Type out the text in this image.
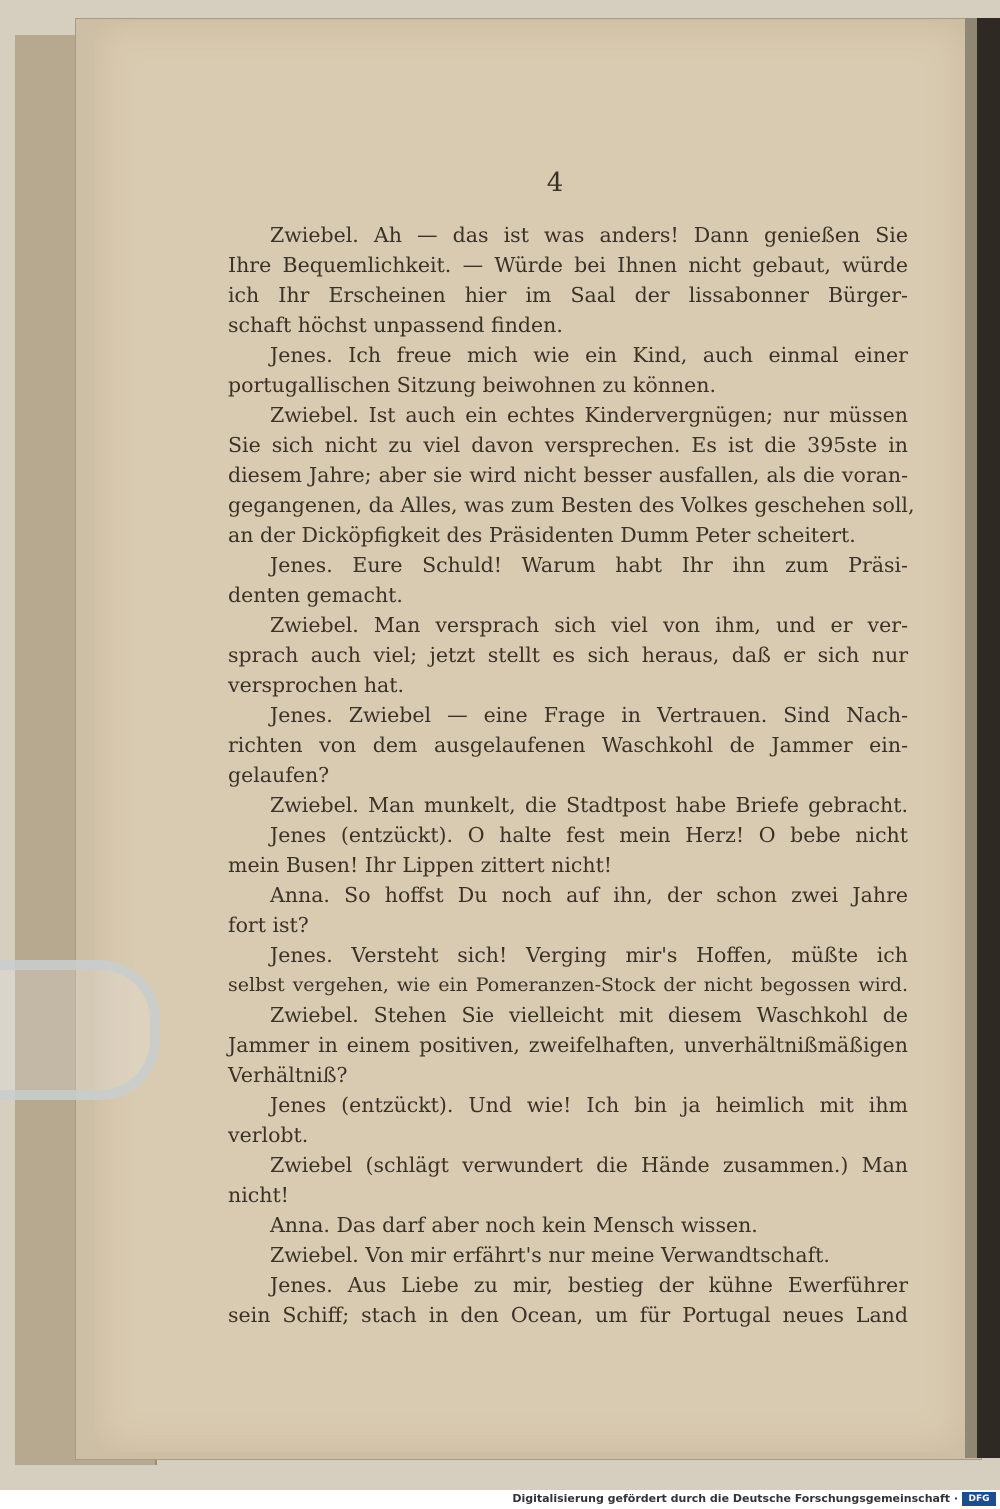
4
Zwiebel. Ah — das ist was anders! Dann genießen Sie
Ihre Bequemlichkeit. — Würde bei Ihnen nicht gebaut, würde
ich Ihr Erscheinen hier im Saal der lissabonner Bürger-
schaft höchst unpassend finden.
Jenes. Ich freue mich wie ein Kind, auch einmal einer
portugallischen Sitzung beiwohnen zu können.
Zwiebel. Ist auch ein echtes Kindervergnügen; nur müssen
Sie sich nicht zu viel davon versprechen. Es ist die 395ste in
diesem Jahre; aber sie wird nicht besser ausfallen, als die voran-
gegangenen, da Alles, was zum Besten des Volkes geschehen soll,
an der Dicköpfigkeit des Präsidenten Dumm Peter scheitert.
Jenes. Eure Schuld! Warum habt Ihr ihn zum Präsi-
denten gemacht.
Zwiebel. Man versprach sich viel von ihm, und er ver-
sprach auch viel; jetzt stellt es sich heraus, daß er sich nur
versprochen hat.
Jenes. Zwiebel — eine Frage in Vertrauen. Sind Nach-
richten von dem ausgelaufenen Waschkohl de Jammer ein-
gelaufen?
Zwiebel. Man munkelt, die Stadtpost habe Briefe gebracht.
Jenes (entzückt). O halte fest mein Herz! O bebe nicht
mein Busen! Ihr Lippen zittert nicht!
Anna. So hoffst Du noch auf ihn, der schon zwei Jahre
fort ist?
Jenes. Versteht sich! Verging mir's Hoffen, müßte ich
selbst vergehen, wie ein Pomeranzen-Stock der nicht begossen wird.
Zwiebel. Stehen Sie vielleicht mit diesem Waschkohl de
Jammer in einem positiven, zweifelhaften, unverhältnißmäßigen
Verhältniß?
Jenes (entzückt). Und wie! Ich bin ja heimlich mit ihm
verlobt.
Zwiebel (schlägt verwundert die Hände zusammen.) Man
nicht!
Anna. Das darf aber noch kein Mensch wissen.
Zwiebel. Von mir erfährt's nur meine Verwandtschaft.
Jenes. Aus Liebe zu mir, bestieg der kühne Ewerführer
sein Schiff; stach in den Ocean, um für Portugal neues Land
Digitalisierung gefördert durch die Deutsche Forschungsgemeinschaft ·	DFG
